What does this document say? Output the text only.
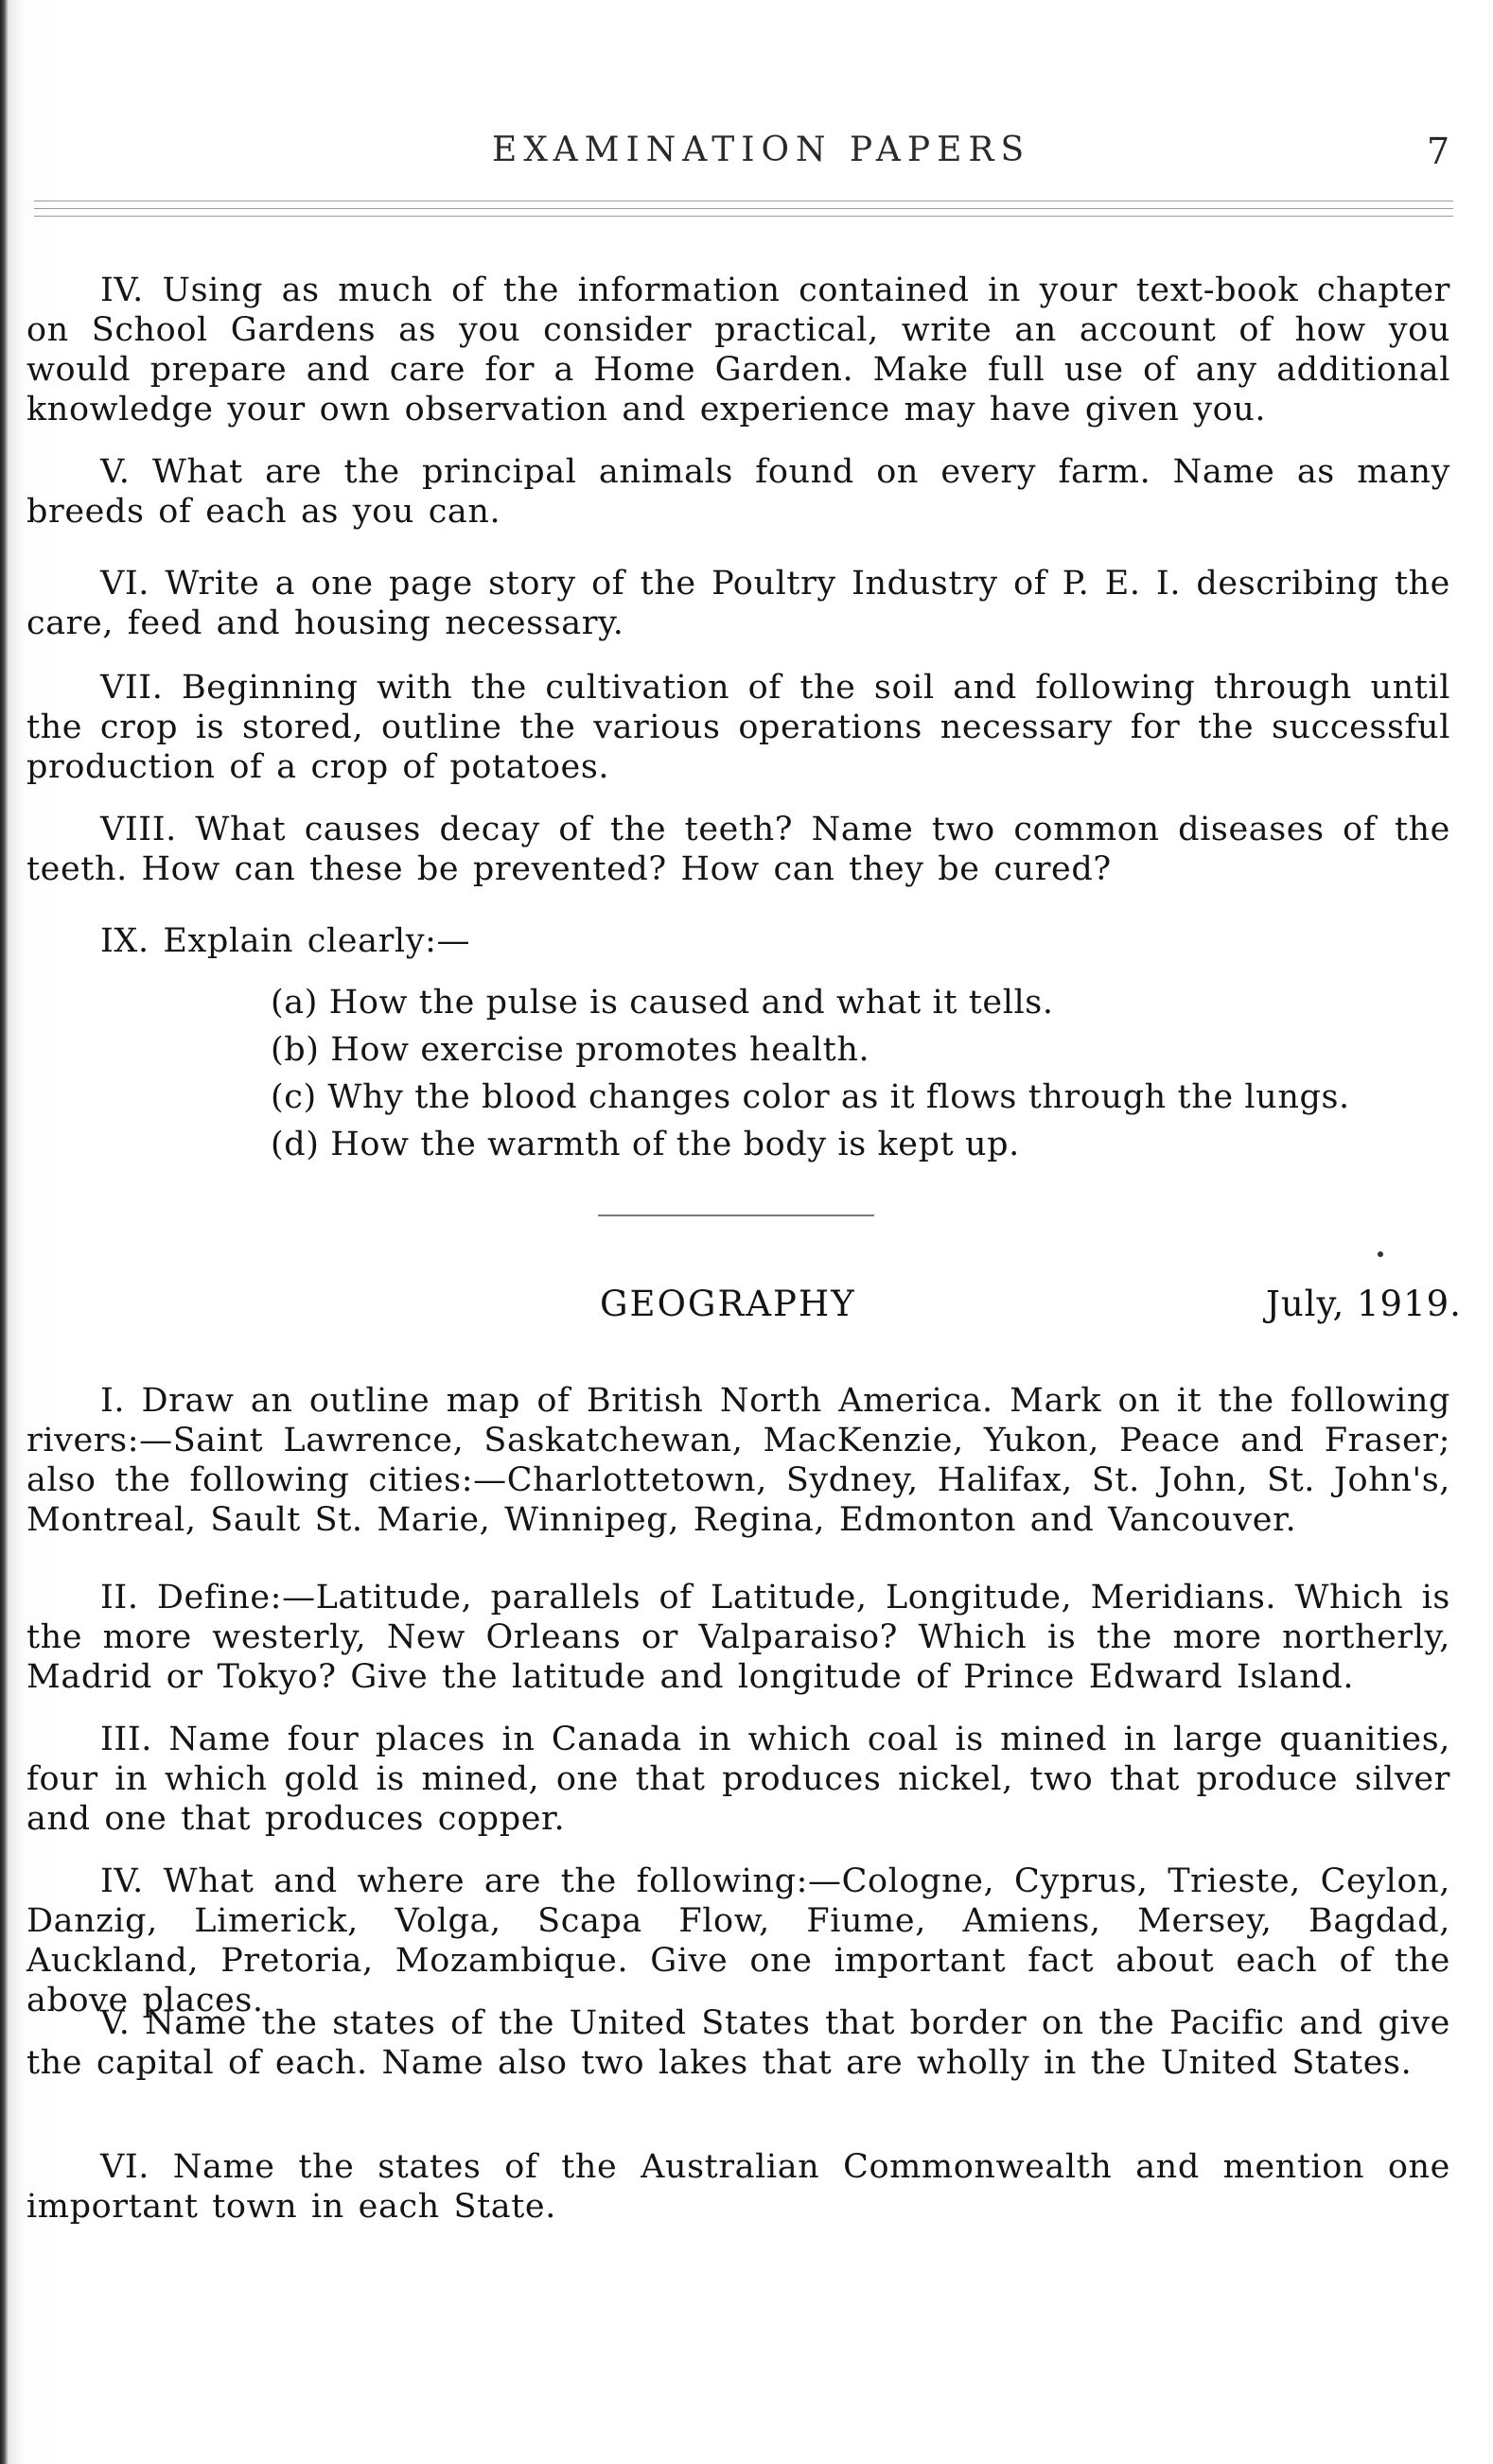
EXAMINATION PAPERS	7

IV. Using as much of the information contained in your text-book chapter on School Gardens as you consider practical, write an account of how you would prepare and care for a Home Garden. Make full use of any additional knowledge your own observation and experience may have given you.

V. What are the principal animals found on every farm. Name as many breeds of each as you can.

VI. Write a one page story of the Poultry Industry of P. E. I. describing the care, feed and housing necessary.

VII. Beginning with the cultivation of the soil and following through until the crop is stored, outline the various operations necessary for the successful production of a crop of potatoes.

VIII. What causes decay of the teeth? Name two common diseases of the teeth. How can these be prevented? How can they be cured?

IX. Explain clearly:—

(a) How the pulse is caused and what it tells.

(b) How exercise promotes health.

(c) Why the blood changes color as it flows through the lungs.

(d) How the warmth of the body is kept up.

GEOGRAPHY	July, 1919.

I. Draw an outline map of British North America. Mark on it the following rivers:—Saint Lawrence, Saskatchewan, MacKenzie, Yukon, Peace and Fraser; also the following cities:—Charlottetown, Sydney, Halifax, St. John, St. John's, Montreal, Sault St. Marie, Winnipeg, Regina, Edmonton and Vancouver.

II. Define:—Latitude, parallels of Latitude, Longitude, Meridians. Which is the more westerly, New Orleans or Valparaiso? Which is the more northerly, Madrid or Tokyo? Give the latitude and longitude of Prince Edward Island.

III. Name four places in Canada in which coal is mined in large quanities, four in which gold is mined, one that produces nickel, two that produce silver and one that produces copper.

IV. What and where are the following:—Cologne, Cyprus, Trieste, Ceylon, Danzig, Limerick, Volga, Scapa Flow, Fiume, Amiens, Mersey, Bagdad, Auckland, Pretoria, Mozambique. Give one important fact about each of the above places.

V. Name the states of the United States that border on the Pacific and give the capital of each. Name also two lakes that are wholly in the United States.

VI. Name the states of the Australian Commonwealth and mention one important town in each State.
